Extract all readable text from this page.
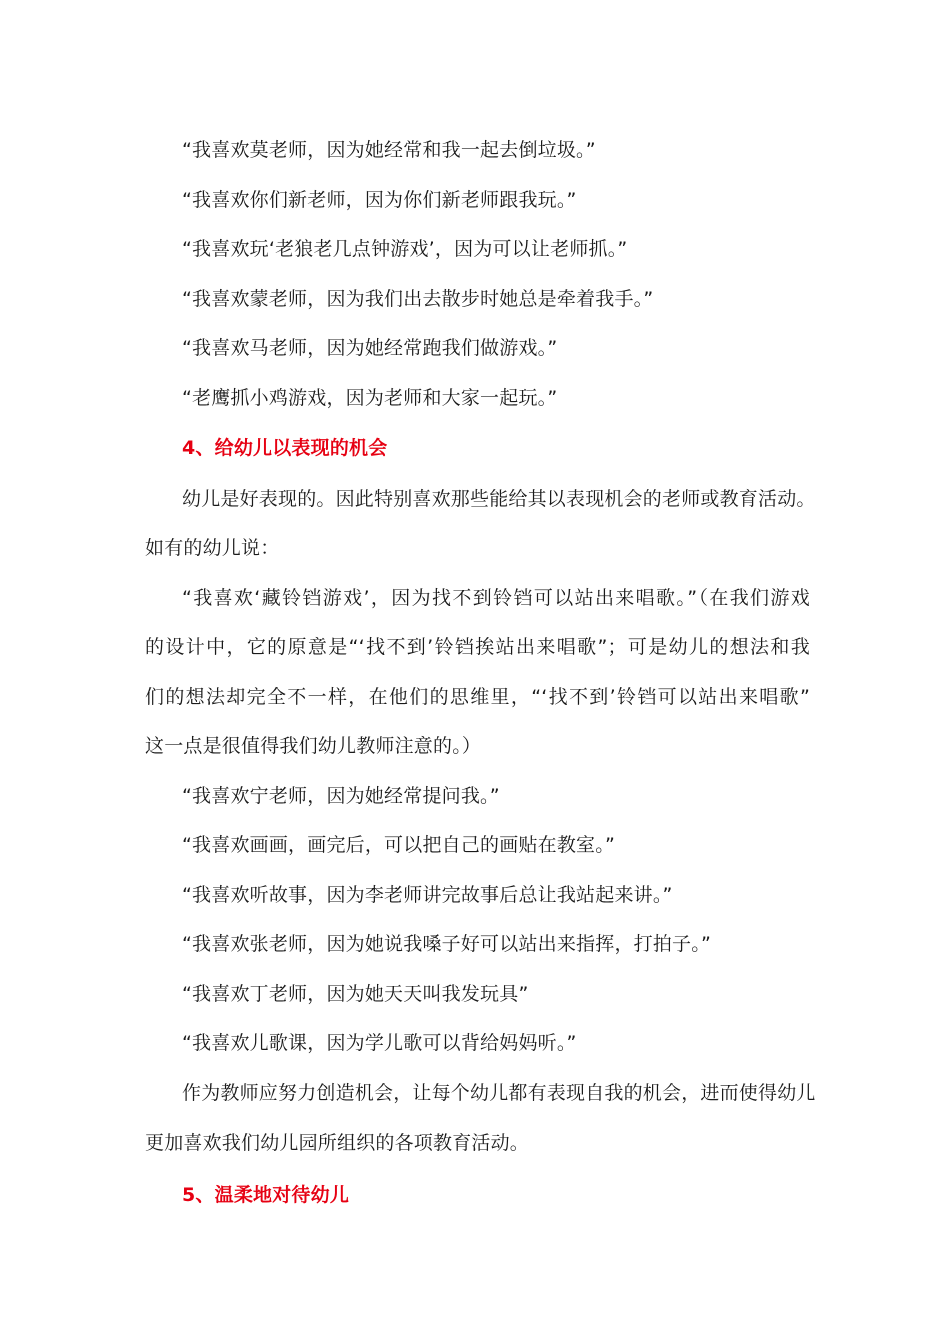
“我喜欢莫老师，因为她经常和我一起去倒垃圾。”
“我喜欢你们新老师，因为你们新老师跟我玩。”
“我喜欢玩‘老狼老几点钟游戏’，因为可以让老师抓。”
“我喜欢蒙老师，因为我们出去散步时她总是牵着我手。”
“我喜欢马老师，因为她经常跑我们做游戏。”
“老鹰抓小鸡游戏，因为老师和大家一起玩。”
4、给幼儿以表现的机会
幼儿是好表现的。因此特别喜欢那些能给其以表现机会的老师或教育活动。
如有的幼儿说：
“我喜欢‘藏铃铛游戏’，因为找不到铃铛可以站出来唱歌。”（在我们游戏
的设计中，它的原意是“‘找不到’铃铛挨站出来唱歌”；可是幼儿的想法和我
们的想法却完全不一样，在他们的思维里，“‘找不到’铃铛可以站出来唱歌”
这一点是很值得我们幼儿教师注意的。）
“我喜欢宁老师，因为她经常提问我。”
“我喜欢画画，画完后，可以把自己的画贴在教室。”
“我喜欢听故事，因为李老师讲完故事后总让我站起来讲。”
“我喜欢张老师，因为她说我嗓子好可以站出来指挥，打拍子。”
“我喜欢丁老师，因为她天天叫我发玩具”
“我喜欢儿歌课，因为学儿歌可以背给妈妈听。”
作为教师应努力创造机会，让每个幼儿都有表现自我的机会，进而使得幼儿
更加喜欢我们幼儿园所组织的各项教育活动。
5、温柔地对待幼儿
